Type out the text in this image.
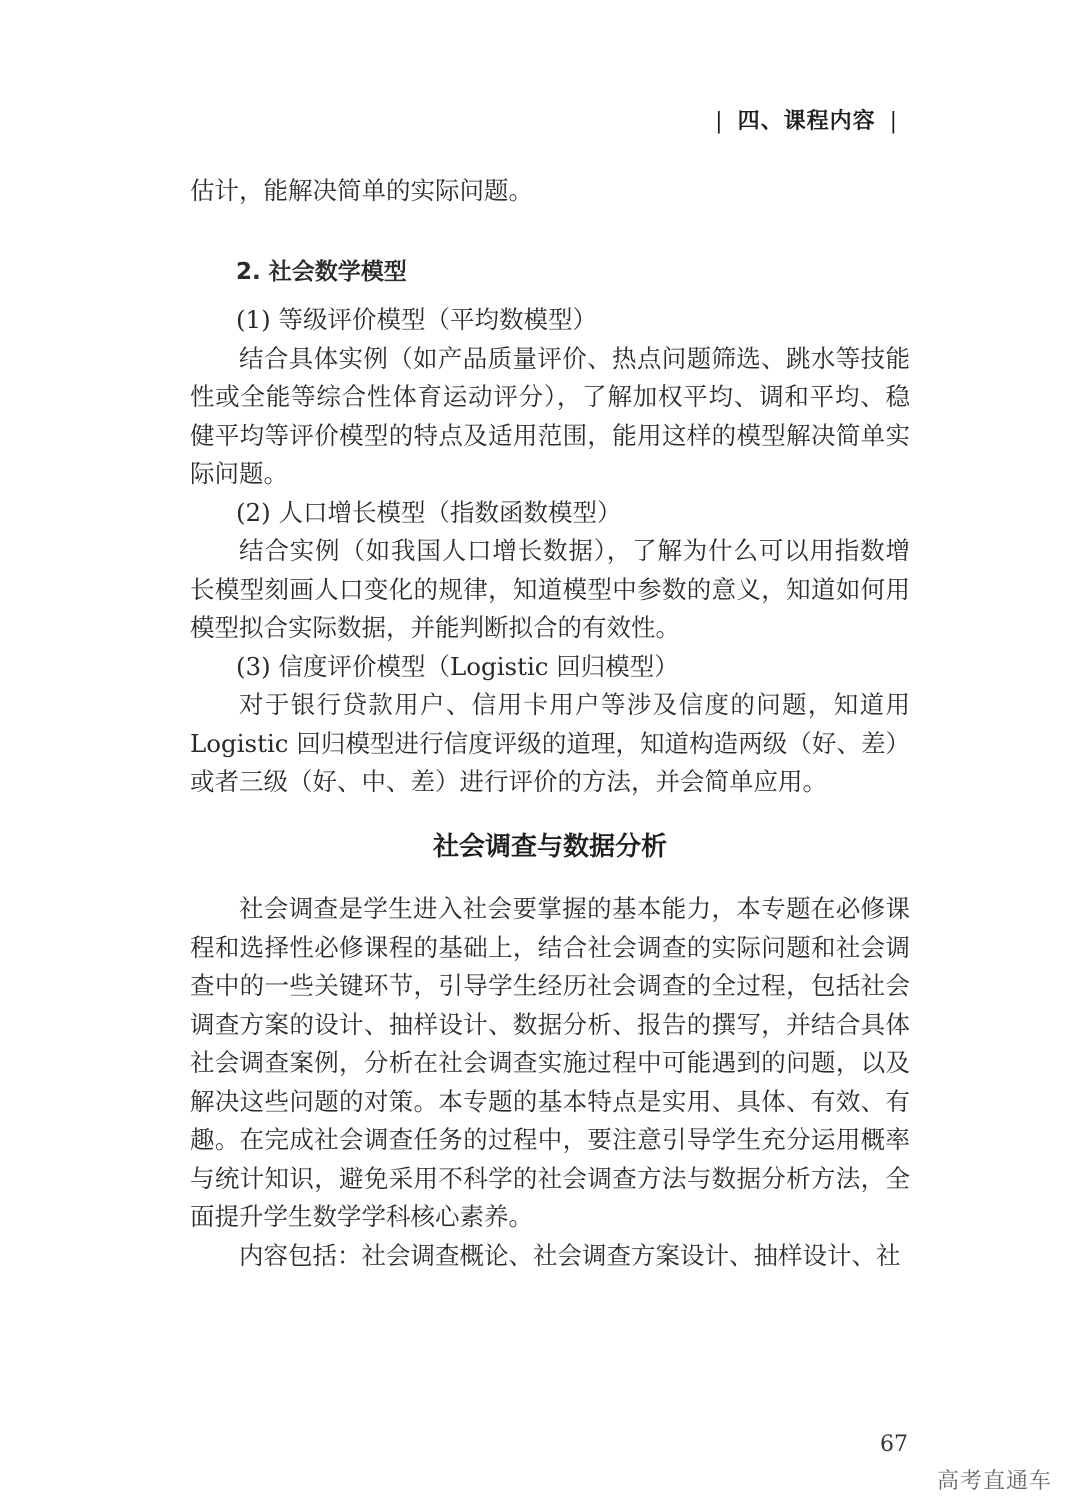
| 四、课程内容 |

估计，能解决简单的实际问题。

2. 社会数学模型

(1) 等级评价模型（平均数模型）

结合具体实例（如产品质量评价、热点问题筛选、跳水等技能性或全能等综合性体育运动评分），了解加权平均、调和平均、稳健平均等评价模型的特点及适用范围，能用这样的模型解决简单实际问题。

(2) 人口增长模型（指数函数模型）

结合实例（如我国人口增长数据），了解为什么可以用指数增长模型刻画人口变化的规律，知道模型中参数的意义，知道如何用模型拟合实际数据，并能判断拟合的有效性。

(3) 信度评价模型（Logistic 回归模型）

对于银行贷款用户、信用卡用户等涉及信度的问题，知道用 Logistic 回归模型进行信度评级的道理，知道构造两级（好、差）或者三级（好、中、差）进行评价的方法，并会简单应用。

社会调查与数据分析

社会调查是学生进入社会要掌握的基本能力，本专题在必修课程和选择性必修课程的基础上，结合社会调查的实际问题和社会调查中的一些关键环节，引导学生经历社会调查的全过程，包括社会调查方案的设计、抽样设计、数据分析、报告的撰写，并结合具体社会调查案例，分析在社会调查实施过程中可能遇到的问题，以及解决这些问题的对策。本专题的基本特点是实用、具体、有效、有趣。在完成社会调查任务的过程中，要注意引导学生充分运用概率与统计知识，避免采用不科学的社会调查方法与数据分析方法，全面提升学生数学学科核心素养。

内容包括：社会调查概论、社会调查方案设计、抽样设计、社

67
高考直通车
